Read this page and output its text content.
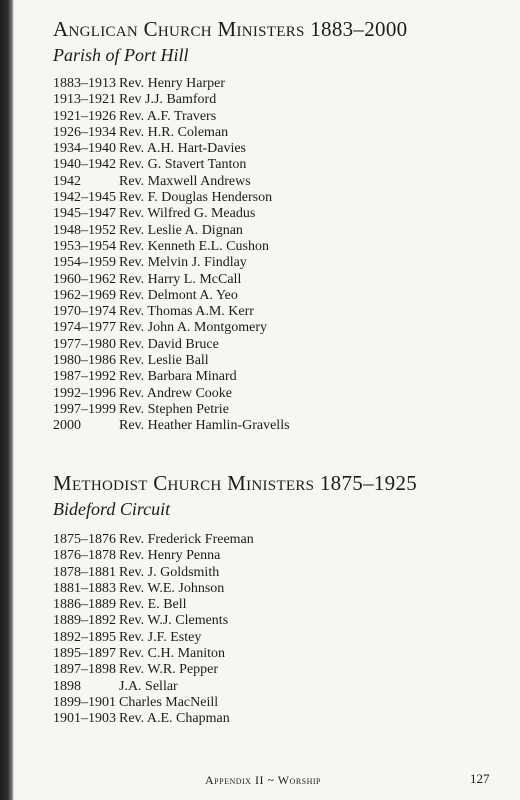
Anglican Church Ministers 1883–2000
Parish of Port Hill
1883–1913 Rev. Henry Harper
1913–1921 Rev J.J. Bamford
1921–1926 Rev. A.F. Travers
1926–1934 Rev. H.R. Coleman
1934–1940 Rev. A.H. Hart-Davies
1940–1942 Rev. G. Stavert Tanton
1942	Rev. Maxwell Andrews
1942–1945 Rev. F. Douglas Henderson
1945–1947 Rev. Wilfred G. Meadus
1948–1952 Rev. Leslie A. Dignan
1953–1954 Rev. Kenneth E.L. Cushon
1954–1959 Rev. Melvin J. Findlay
1960–1962 Rev. Harry L. McCall
1962–1969 Rev. Delmont A. Yeo
1970–1974 Rev. Thomas A.M. Kerr
1974–1977 Rev. John A. Montgomery
1977–1980 Rev. David Bruce
1980–1986 Rev. Leslie Ball
1987–1992 Rev. Barbara Minard
1992–1996 Rev. Andrew Cooke
1997–1999 Rev. Stephen Petrie
2000	Rev. Heather Hamlin-Gravells
Methodist Church Ministers 1875–1925
Bideford Circuit
1875–1876 Rev. Frederick Freeman
1876–1878 Rev. Henry Penna
1878–1881 Rev. J. Goldsmith
1881–1883 Rev. W.E. Johnson
1886–1889 Rev. E. Bell
1889–1892 Rev. W.J. Clements
1892–1895 Rev. J.F. Estey
1895–1897 Rev. C.H. Maniton
1897–1898 Rev. W.R. Pepper
1898	J.A. Sellar
1899–1901 Charles MacNeill
1901–1903 Rev. A.E. Chapman
Appendix II ~ Worship	127
